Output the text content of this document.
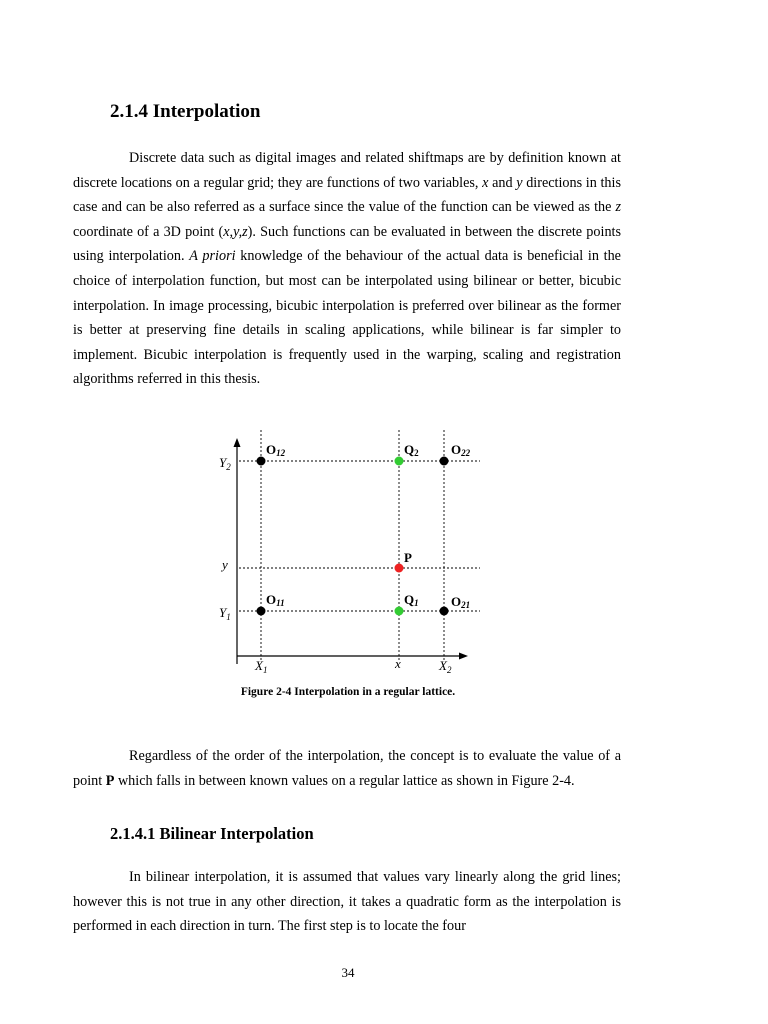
2.1.4 Interpolation

Discrete data such as digital images and related shiftmaps are by definition known at discrete locations on a regular grid; they are functions of two variables, x and y directions in this case and can be also referred as a surface since the value of the function can be viewed as the z coordinate of a 3D point (x,y,z). Such functions can be evaluated in between the discrete points using interpolation. A priori knowledge of the behaviour of the actual data is beneficial in the choice of interpolation function, but most can be interpolated using bilinear or better, bicubic interpolation. In image processing, bicubic interpolation is preferred over bilinear as the former is better at preserving fine details in scaling applications, while bilinear is far simpler to implement. Bicubic interpolation is frequently used in the warping, scaling and registration algorithms referred in this thesis.

$Y_2$
y
$Y_1$
$X_1$	x	$X_2$
O12	Q2 O22
P
O11	Q1 O21
Figure 2-4 Interpolation in a regular lattice.

Regardless of the order of the interpolation, the concept is to evaluate the value of a point P which falls in between known values on a regular lattice as shown in Figure 2-4.

2.1.4.1 Bilinear Interpolation

In bilinear interpolation, it is assumed that values vary linearly along the grid lines; however this is not true in any other direction, it takes a quadratic form as the interpolation is performed in each direction in turn. The first step is to locate the four

34
